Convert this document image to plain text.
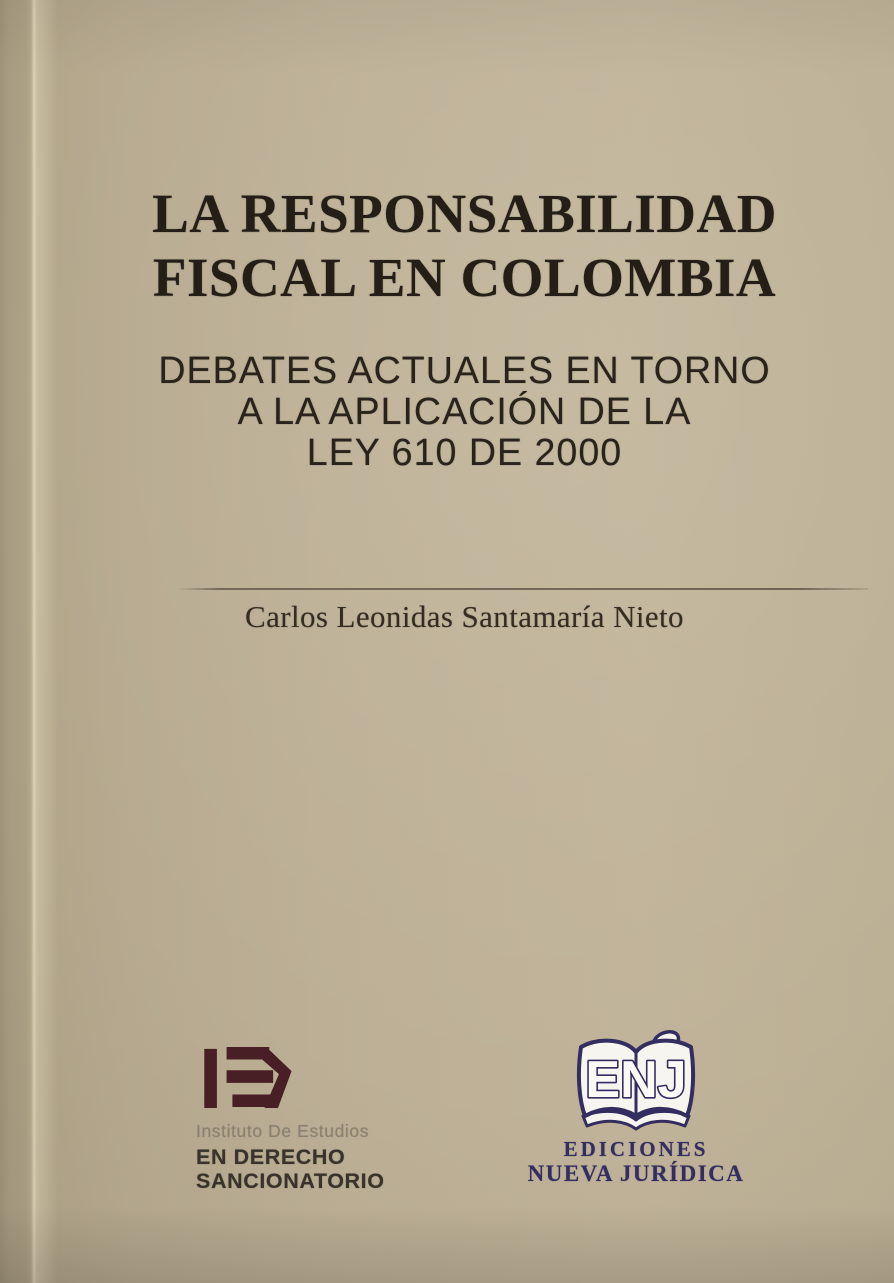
LA RESPONSABILIDAD
FISCAL EN COLOMBIA
DEBATES ACTUALES EN TORNO
A LA APLICACIÓN DE LA
LEY 610 DE 2000
Carlos Leonidas Santamaría Nieto
Instituto De Estudios
EN DERECHO
SANCIONATORIO
ENJ
EDICIONES
NUEVA JURÍDICA
